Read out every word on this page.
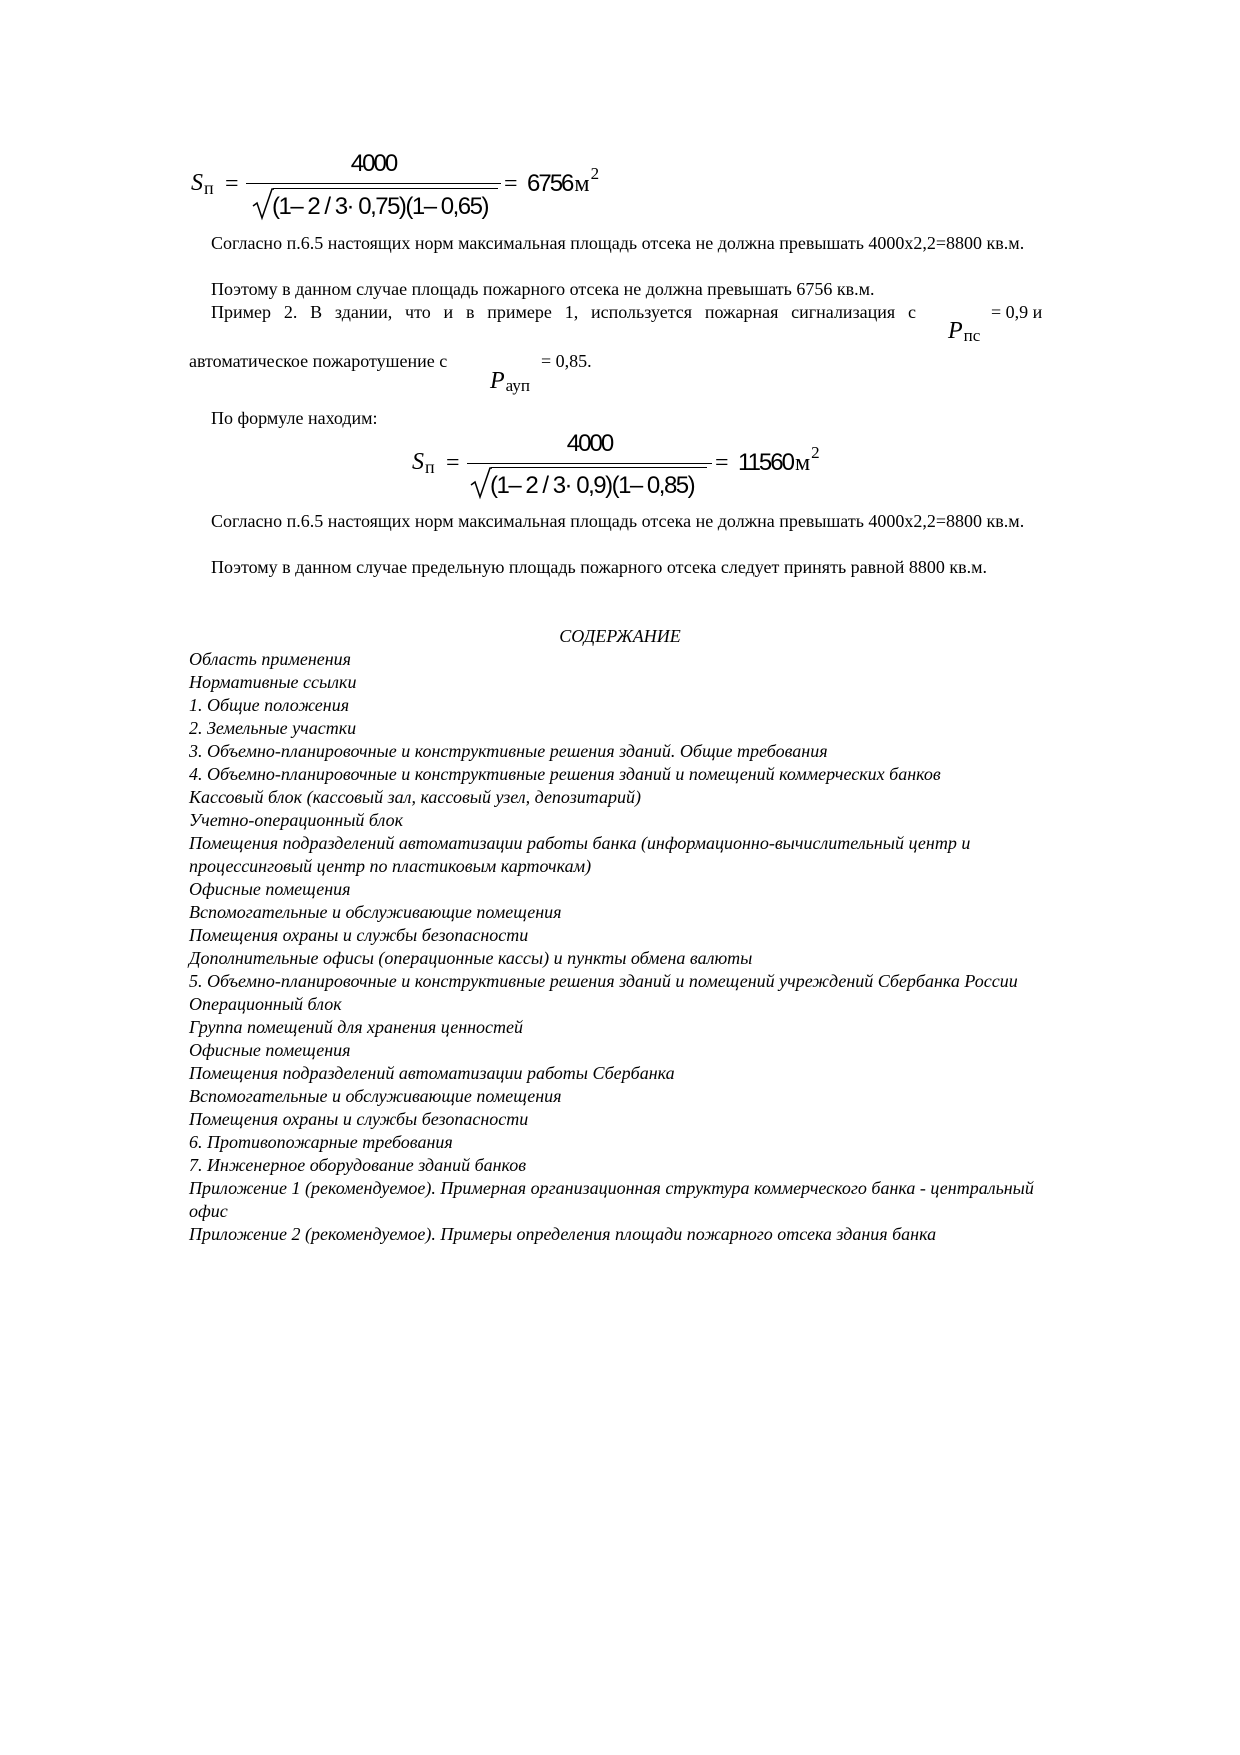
Sп =
4000
(1– 2 / 3· 0,75)(1– 0,65)
= $6756м^2$

Согласно п.6.5 настоящих норм максимальная площадь отсека не должна превышать 4000х2,2=8800 кв.м.

Поэтому в данном случае площадь пожарного отсека не должна превышать 6756 кв.м.

Пример 2. В здании, что и в примере 1, используется пожарная сигнализация с	= 0,9 и
Pпс
автоматическое пожаротушение с	= 0,85.
Pауп
По формуле находим:
Sп =
4000
(1– 2 / 3· 0,9)(1– 0,85)
= $11560м^2$

Согласно п.6.5 настоящих норм максимальная площадь отсека не должна превышать 4000х2,2=8800 кв.м.

Поэтому в данном случае предельную площадь пожарного отсека следует принять равной 8800 кв.м.

СОДЕРЖАНИЕ
Область применения
Нормативные ссылки
1. Общие положения
2. Земельные участки
3. Объемно-планировочные и конструктивные решения зданий. Общие требования
4. Объемно-планировочные и конструктивные решения зданий и помещений коммерческих банков
Кассовый блок (кассовый зал, кассовый узел, депозитарий)
Учетно-операционный блок
Помещения подразделений автоматизации работы банка (информационно-вычислительный центр и процессинговый центр по пластиковым карточкам)
Офисные помещения
Вспомогательные и обслуживающие помещения
Помещения охраны и службы безопасности
Дополнительные офисы (операционные кассы) и пункты обмена валюты
5. Объемно-планировочные и конструктивные решения зданий и помещений учреждений Сбербанка России
Операционный блок
Группа помещений для хранения ценностей
Офисные помещения
Помещения подразделений автоматизации работы Сбербанка
Вспомогательные и обслуживающие помещения
Помещения охраны и службы безопасности
6. Противопожарные требования
7. Инженерное оборудование зданий банков
Приложение 1 (рекомендуемое). Примерная организационная структура коммерческого банка - центральный офис
Приложение 2 (рекомендуемое). Примеры определения площади пожарного отсека здания банка
